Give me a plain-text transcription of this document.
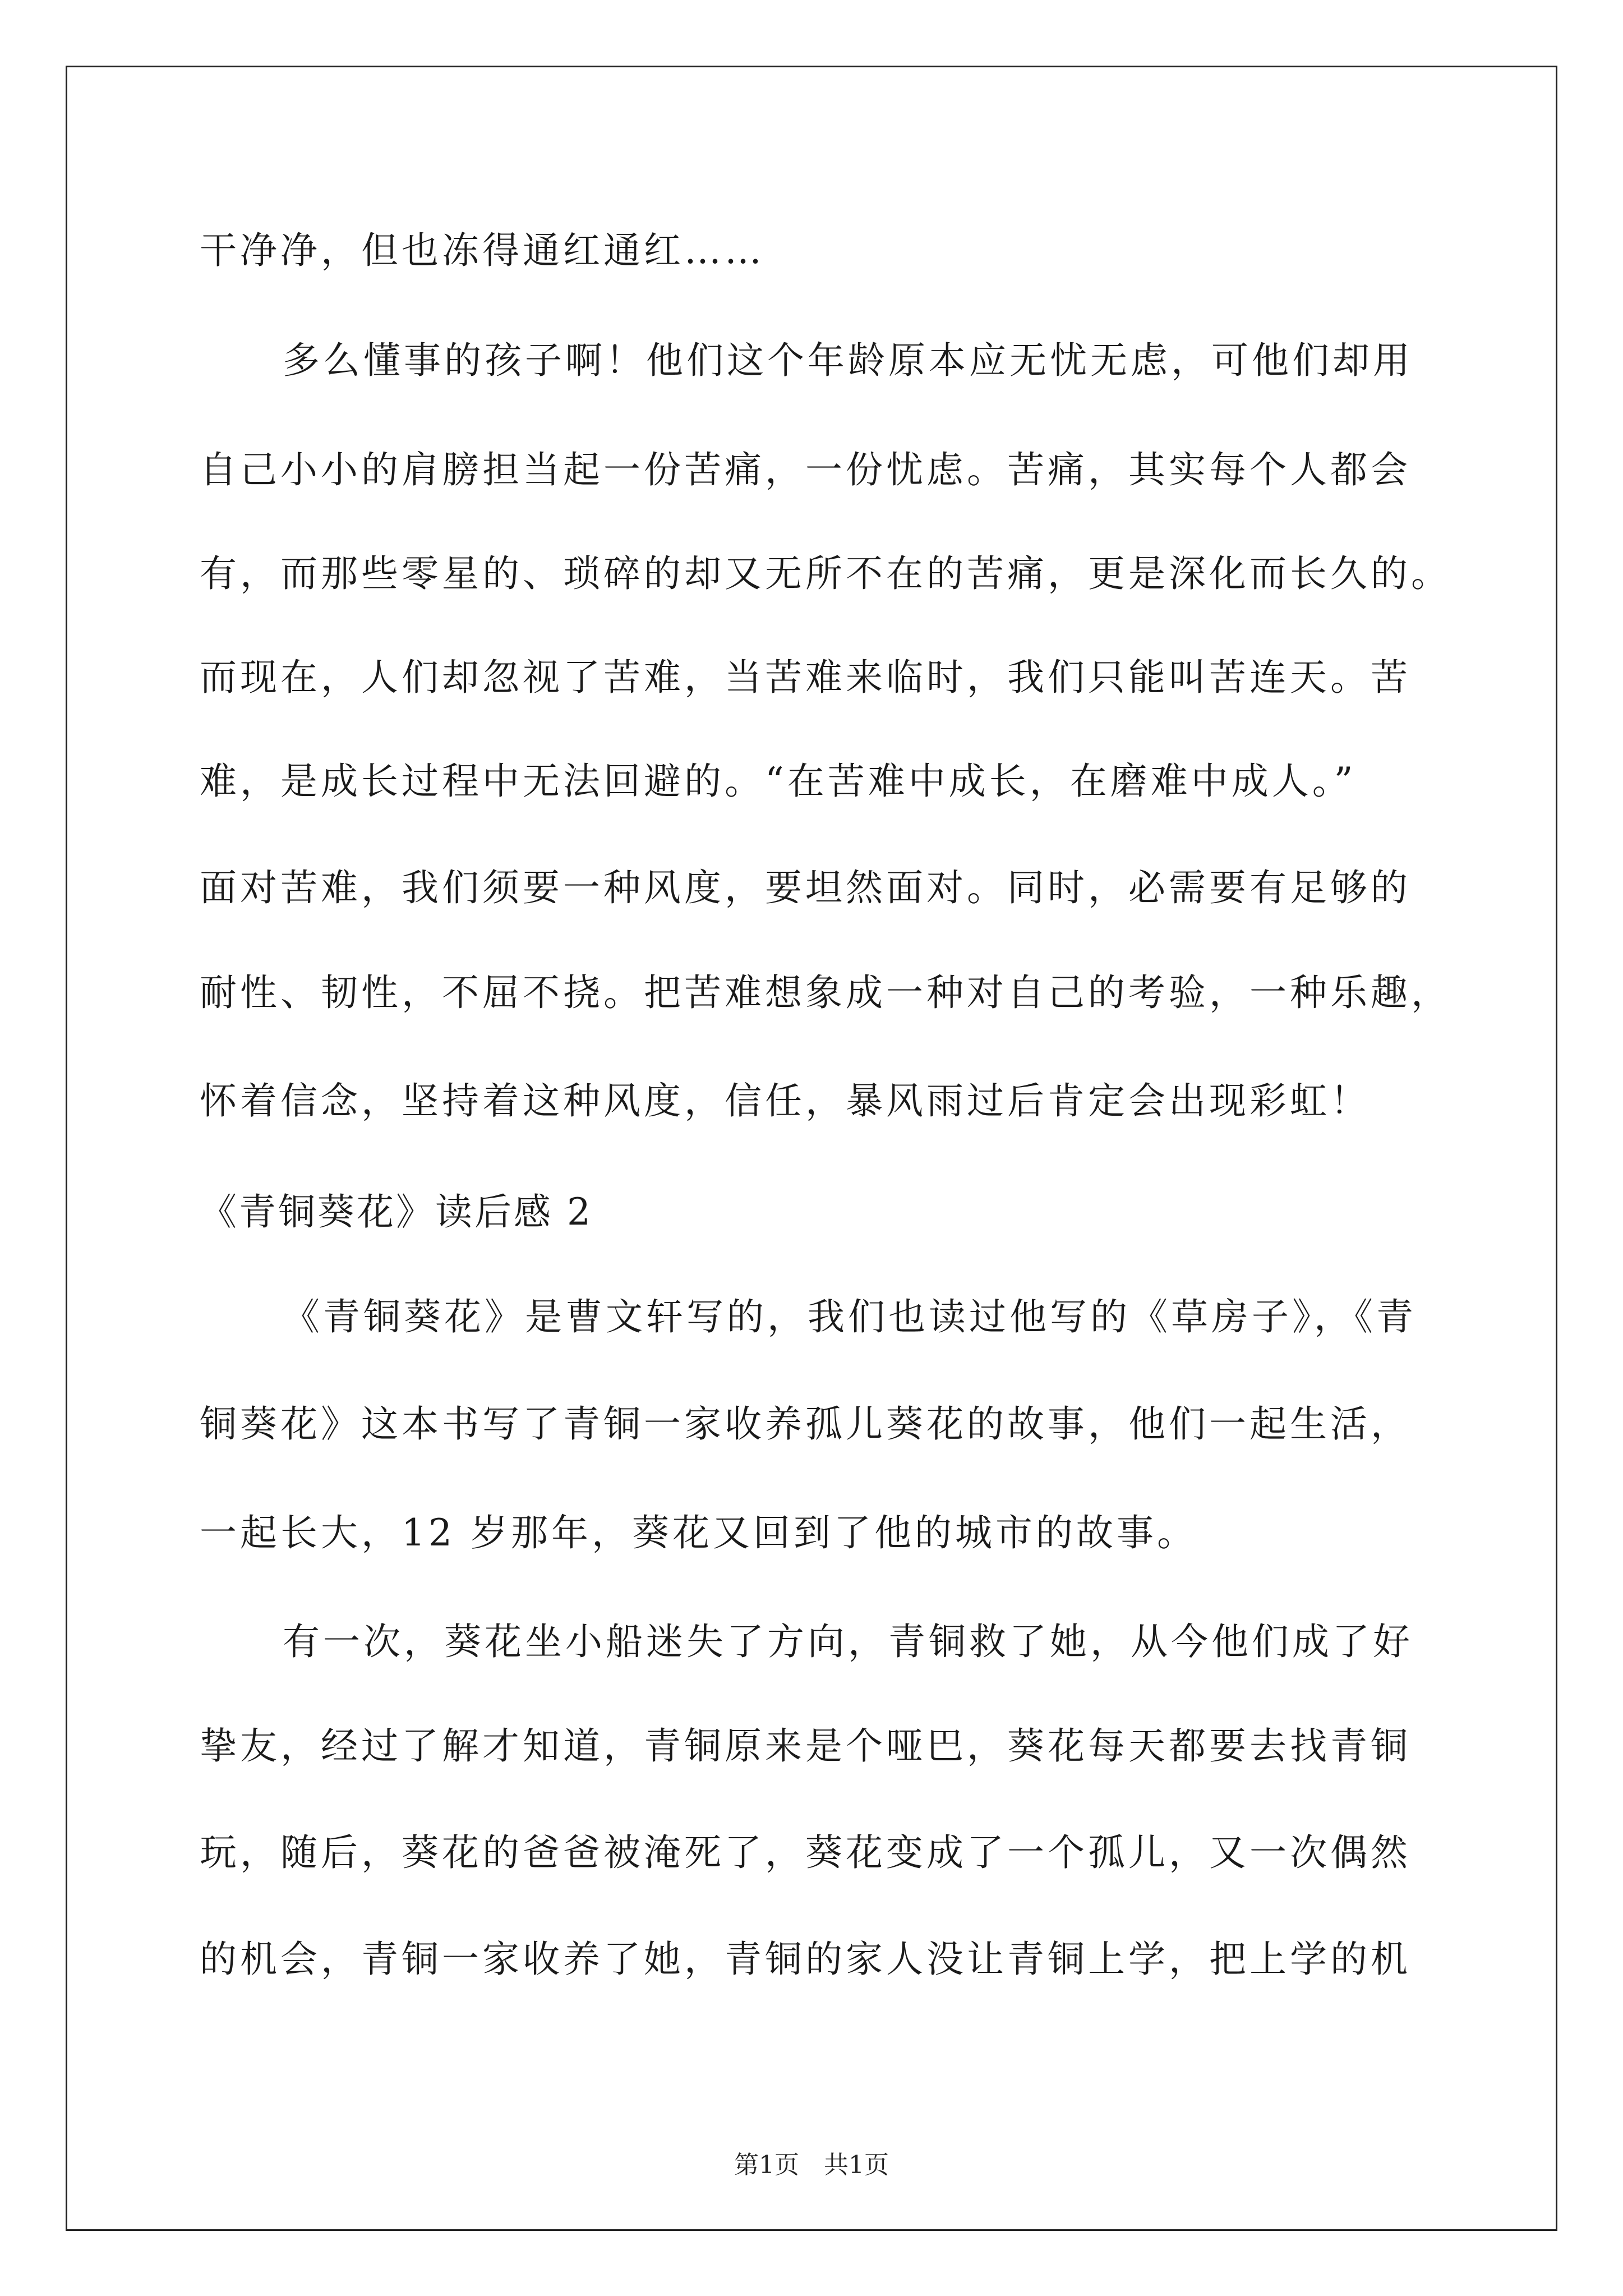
干净净，但也冻得通红通红……
多么懂事的孩子啊！他们这个年龄原本应无忧无虑，可他们却用
自己小小的肩膀担当起一份苦痛，一份忧虑。苦痛，其实每个人都会
有，而那些零星的、琐碎的却又无所不在的苦痛，更是深化而长久的。
而现在，人们却忽视了苦难，当苦难来临时，我们只能叫苦连天。苦
难，是成长过程中无法回避的。“在苦难中成长，在磨难中成人。”
面对苦难，我们须要一种风度，要坦然面对。同时，必需要有足够的
耐性、韧性，不屈不挠。把苦难想象成一种对自己的考验，一种乐趣，
怀着信念，坚持着这种风度，信任，暴风雨过后肯定会出现彩虹！
《青铜葵花》读后感 2
《青铜葵花》是曹文轩写的，我们也读过他写的《草房子》，《青
铜葵花》这本书写了青铜一家收养孤儿葵花的故事，他们一起生活，
一起长大，12 岁那年，葵花又回到了他的城市的故事。
有一次，葵花坐小船迷失了方向，青铜救了她，从今他们成了好
挚友，经过了解才知道，青铜原来是个哑巴，葵花每天都要去找青铜
玩，随后，葵花的爸爸被淹死了，葵花变成了一个孤儿，又一次偶然
的机会，青铜一家收养了她，青铜的家人没让青铜上学，把上学的机
第1页　共1页
